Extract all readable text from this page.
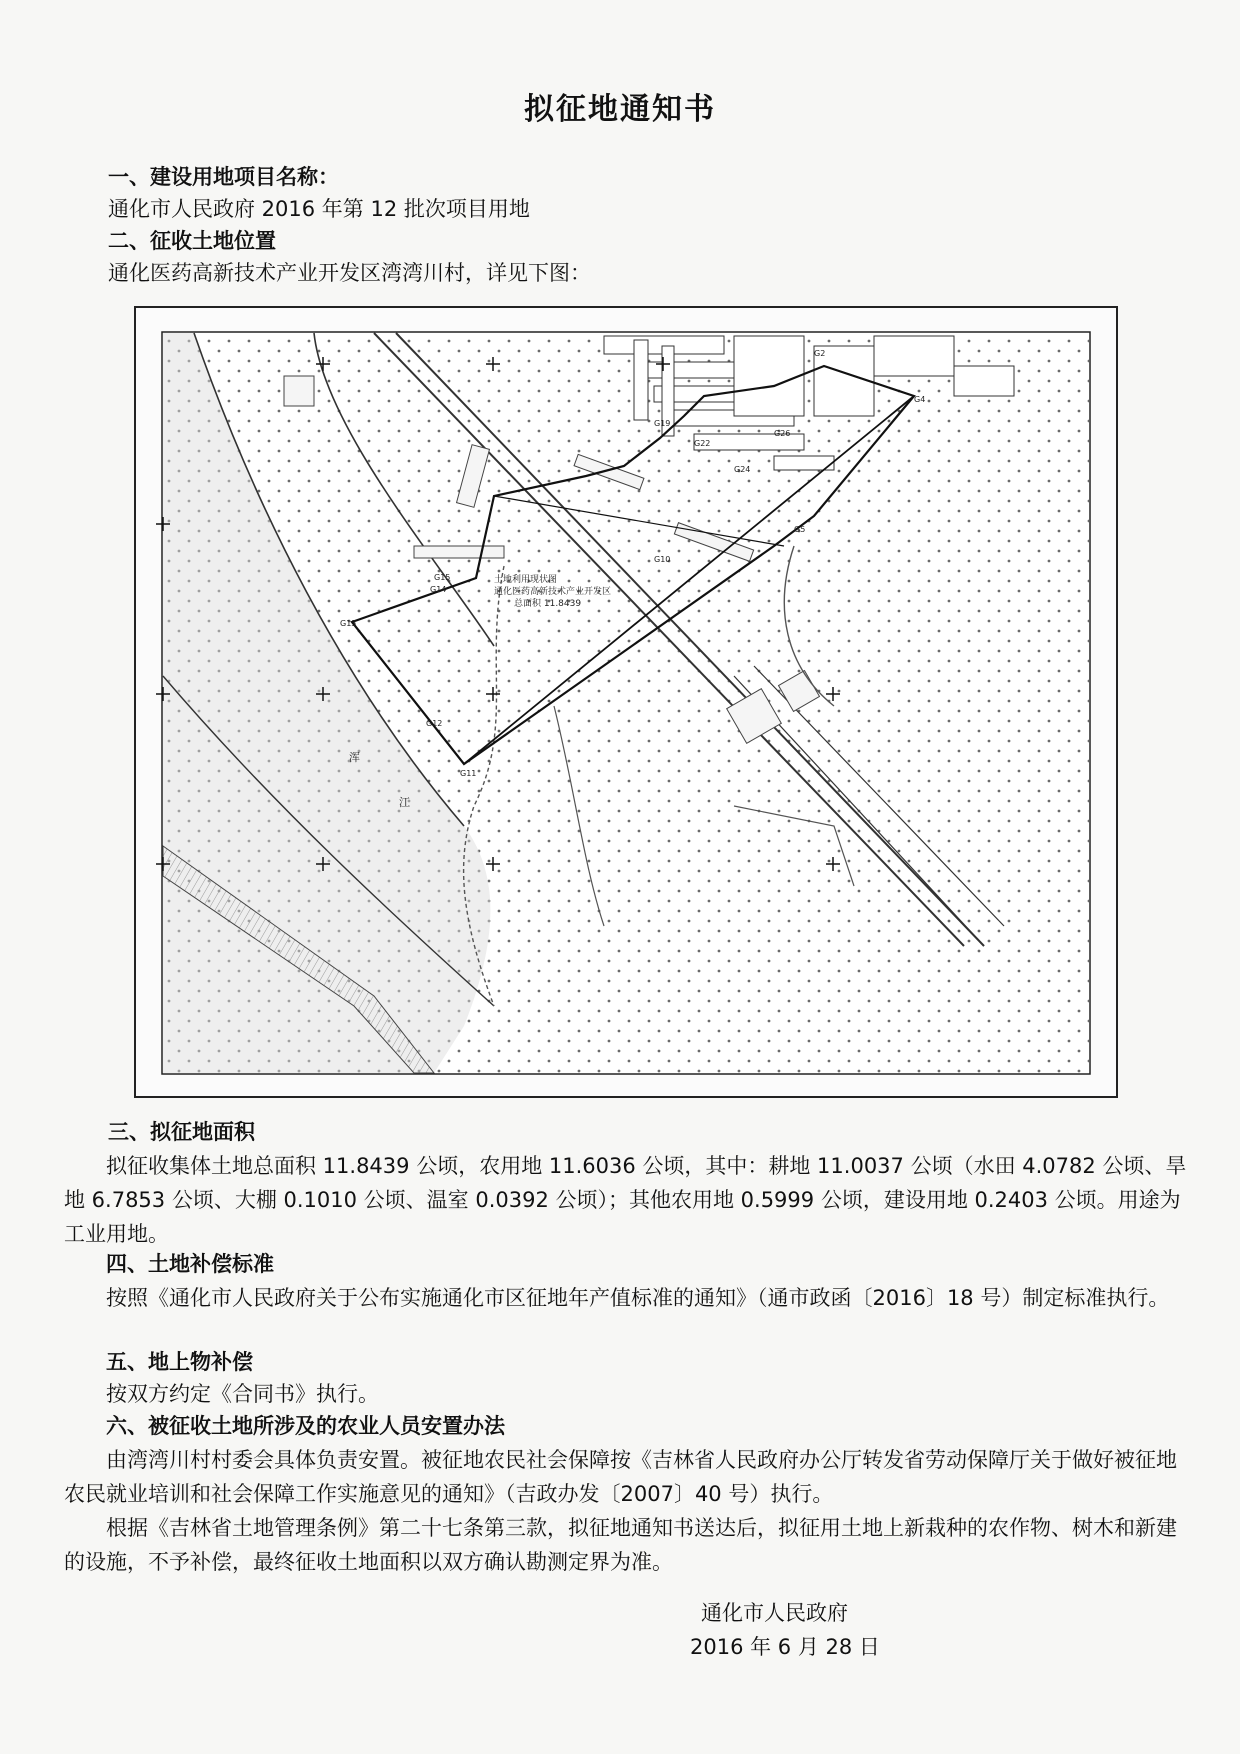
拟征地通知书
一、建设用地项目名称：
通化市人民政府 2016 年第 12 批次项目用地
二、征收土地位置
通化医药高新技术产业开发区湾湾川村，详见下图：
G13
G14
G15
G11
G12
G10
G4
G5
G19
G22
G24
G26
G2
土地利用现状图
通化医药高新技术产业开发区
总面积 11.8439
浑
江
三、拟征地面积
拟征收集体土地总面积 11.8439 公顷，农用地 11.6036 公顷，其中：耕地 11.0037 公顷（水田 4.0782 公顷、旱地 6.7853 公顷、大棚 0.1010 公顷、温室 0.0392 公顷）；其他农用地 0.5999 公顷，建设用地 0.2403 公顷。用途为工业用地。
四、土地补偿标准
按照《通化市人民政府关于公布实施通化市区征地年产值标准的通知》（通市政函〔2016〕18 号）制定标准执行。
五、地上物补偿
按双方约定《合同书》执行。
六、被征收土地所涉及的农业人员安置办法
由湾湾川村村委会具体负责安置。被征地农民社会保障按《吉林省人民政府办公厅转发省劳动保障厅关于做好被征地农民就业培训和社会保障工作实施意见的通知》（吉政办发〔2007〕40 号）执行。
根据《吉林省土地管理条例》第二十七条第三款，拟征地通知书送达后，拟征用土地上新栽种的农作物、树木和新建的设施，不予补偿，最终征收土地面积以双方确认勘测定界为准。
通化市人民政府
2016 年 6 月 28 日
